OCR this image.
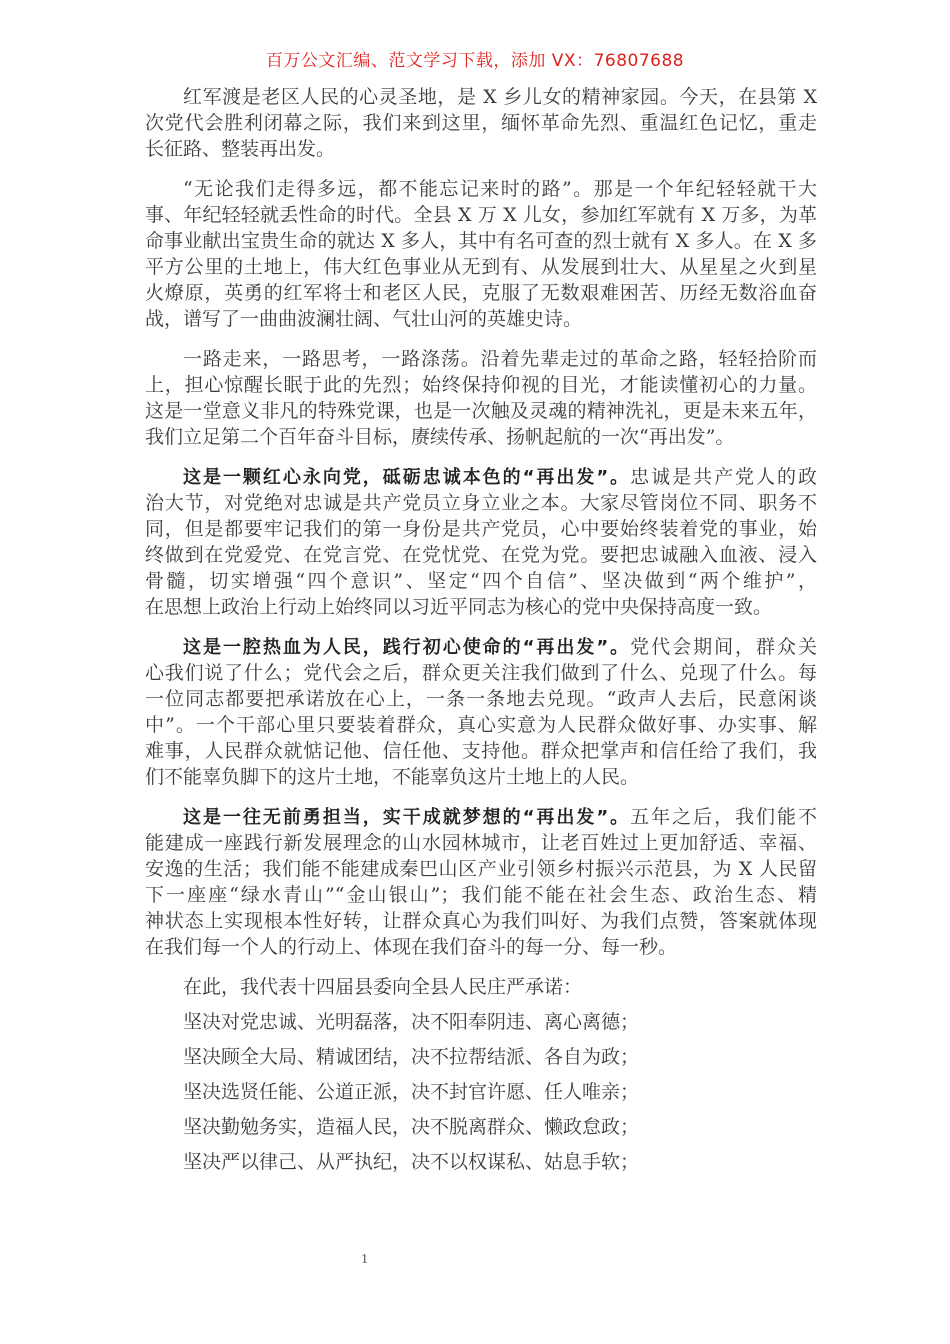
百万公文汇编、范文学习下载，添加 VX：76807688
红军渡是老区人民的心灵圣地，是 X 乡儿女的精神家园。今天，在县第 X
次党代会胜利闭幕之际，我们来到这里，缅怀革命先烈、重温红色记忆，重走
长征路、整装再出发。
“无论我们走得多远，都不能忘记来时的路”。那是一个年纪轻轻就干大
事、年纪轻轻就丢性命的时代。全县 X 万 X 儿女，参加红军就有 X 万多，为革
命事业献出宝贵生命的就达 X 多人，其中有名可查的烈士就有 X 多人。在 X 多
平方公里的土地上，伟大红色事业从无到有、从发展到壮大、从星星之火到星
火燎原，英勇的红军将士和老区人民，克服了无数艰难困苦、历经无数浴血奋
战，谱写了一曲曲波澜壮阔、气壮山河的英雄史诗。
一路走来，一路思考，一路涤荡。沿着先辈走过的革命之路，轻轻拾阶而
上，担心惊醒长眠于此的先烈；始终保持仰视的目光，才能读懂初心的力量。
这是一堂意义非凡的特殊党课，也是一次触及灵魂的精神洗礼，更是未来五年，
我们立足第二个百年奋斗目标，赓续传承、扬帆起航的一次“再出发”。
这是一颗红心永向党，砥砺忠诚本色的“再出发”。忠诚是共产党人的政
治大节，对党绝对忠诚是共产党员立身立业之本。大家尽管岗位不同、职务不
同，但是都要牢记我们的第一身份是共产党员，心中要始终装着党的事业，始
终做到在党爱党、在党言党、在党忧党、在党为党。要把忠诚融入血液、浸入
骨髓，切实增强“四个意识”、坚定“四个自信”、坚决做到“两个维护”，
在思想上政治上行动上始终同以习近平同志为核心的党中央保持高度一致。
这是一腔热血为人民，践行初心使命的“再出发”。党代会期间，群众关
心我们说了什么；党代会之后，群众更关注我们做到了什么、兑现了什么。每
一位同志都要把承诺放在心上，一条一条地去兑现。“政声人去后，民意闲谈
中”。一个干部心里只要装着群众，真心实意为人民群众做好事、办实事、解
难事，人民群众就惦记他、信任他、支持他。群众把掌声和信任给了我们，我
们不能辜负脚下的这片土地，不能辜负这片土地上的人民。
这是一往无前勇担当，实干成就梦想的“再出发”。五年之后，我们能不
能建成一座践行新发展理念的山水园林城市，让老百姓过上更加舒适、幸福、
安逸的生活；我们能不能建成秦巴山区产业引领乡村振兴示范县，为 X 人民留
下一座座“绿水青山”“金山银山”；我们能不能在社会生态、政治生态、精
神状态上实现根本性好转，让群众真心为我们叫好、为我们点赞，答案就体现
在我们每一个人的行动上、体现在我们奋斗的每一分、每一秒。
在此，我代表十四届县委向全县人民庄严承诺：
坚决对党忠诚、光明磊落，决不阳奉阴违、离心离德；
坚决顾全大局、精诚团结，决不拉帮结派、各自为政；
坚决选贤任能、公道正派，决不封官许愿、任人唯亲；
坚决勤勉务实，造福人民，决不脱离群众、懒政怠政；
坚决严以律己、从严执纪，决不以权谋私、姑息手软；
1
